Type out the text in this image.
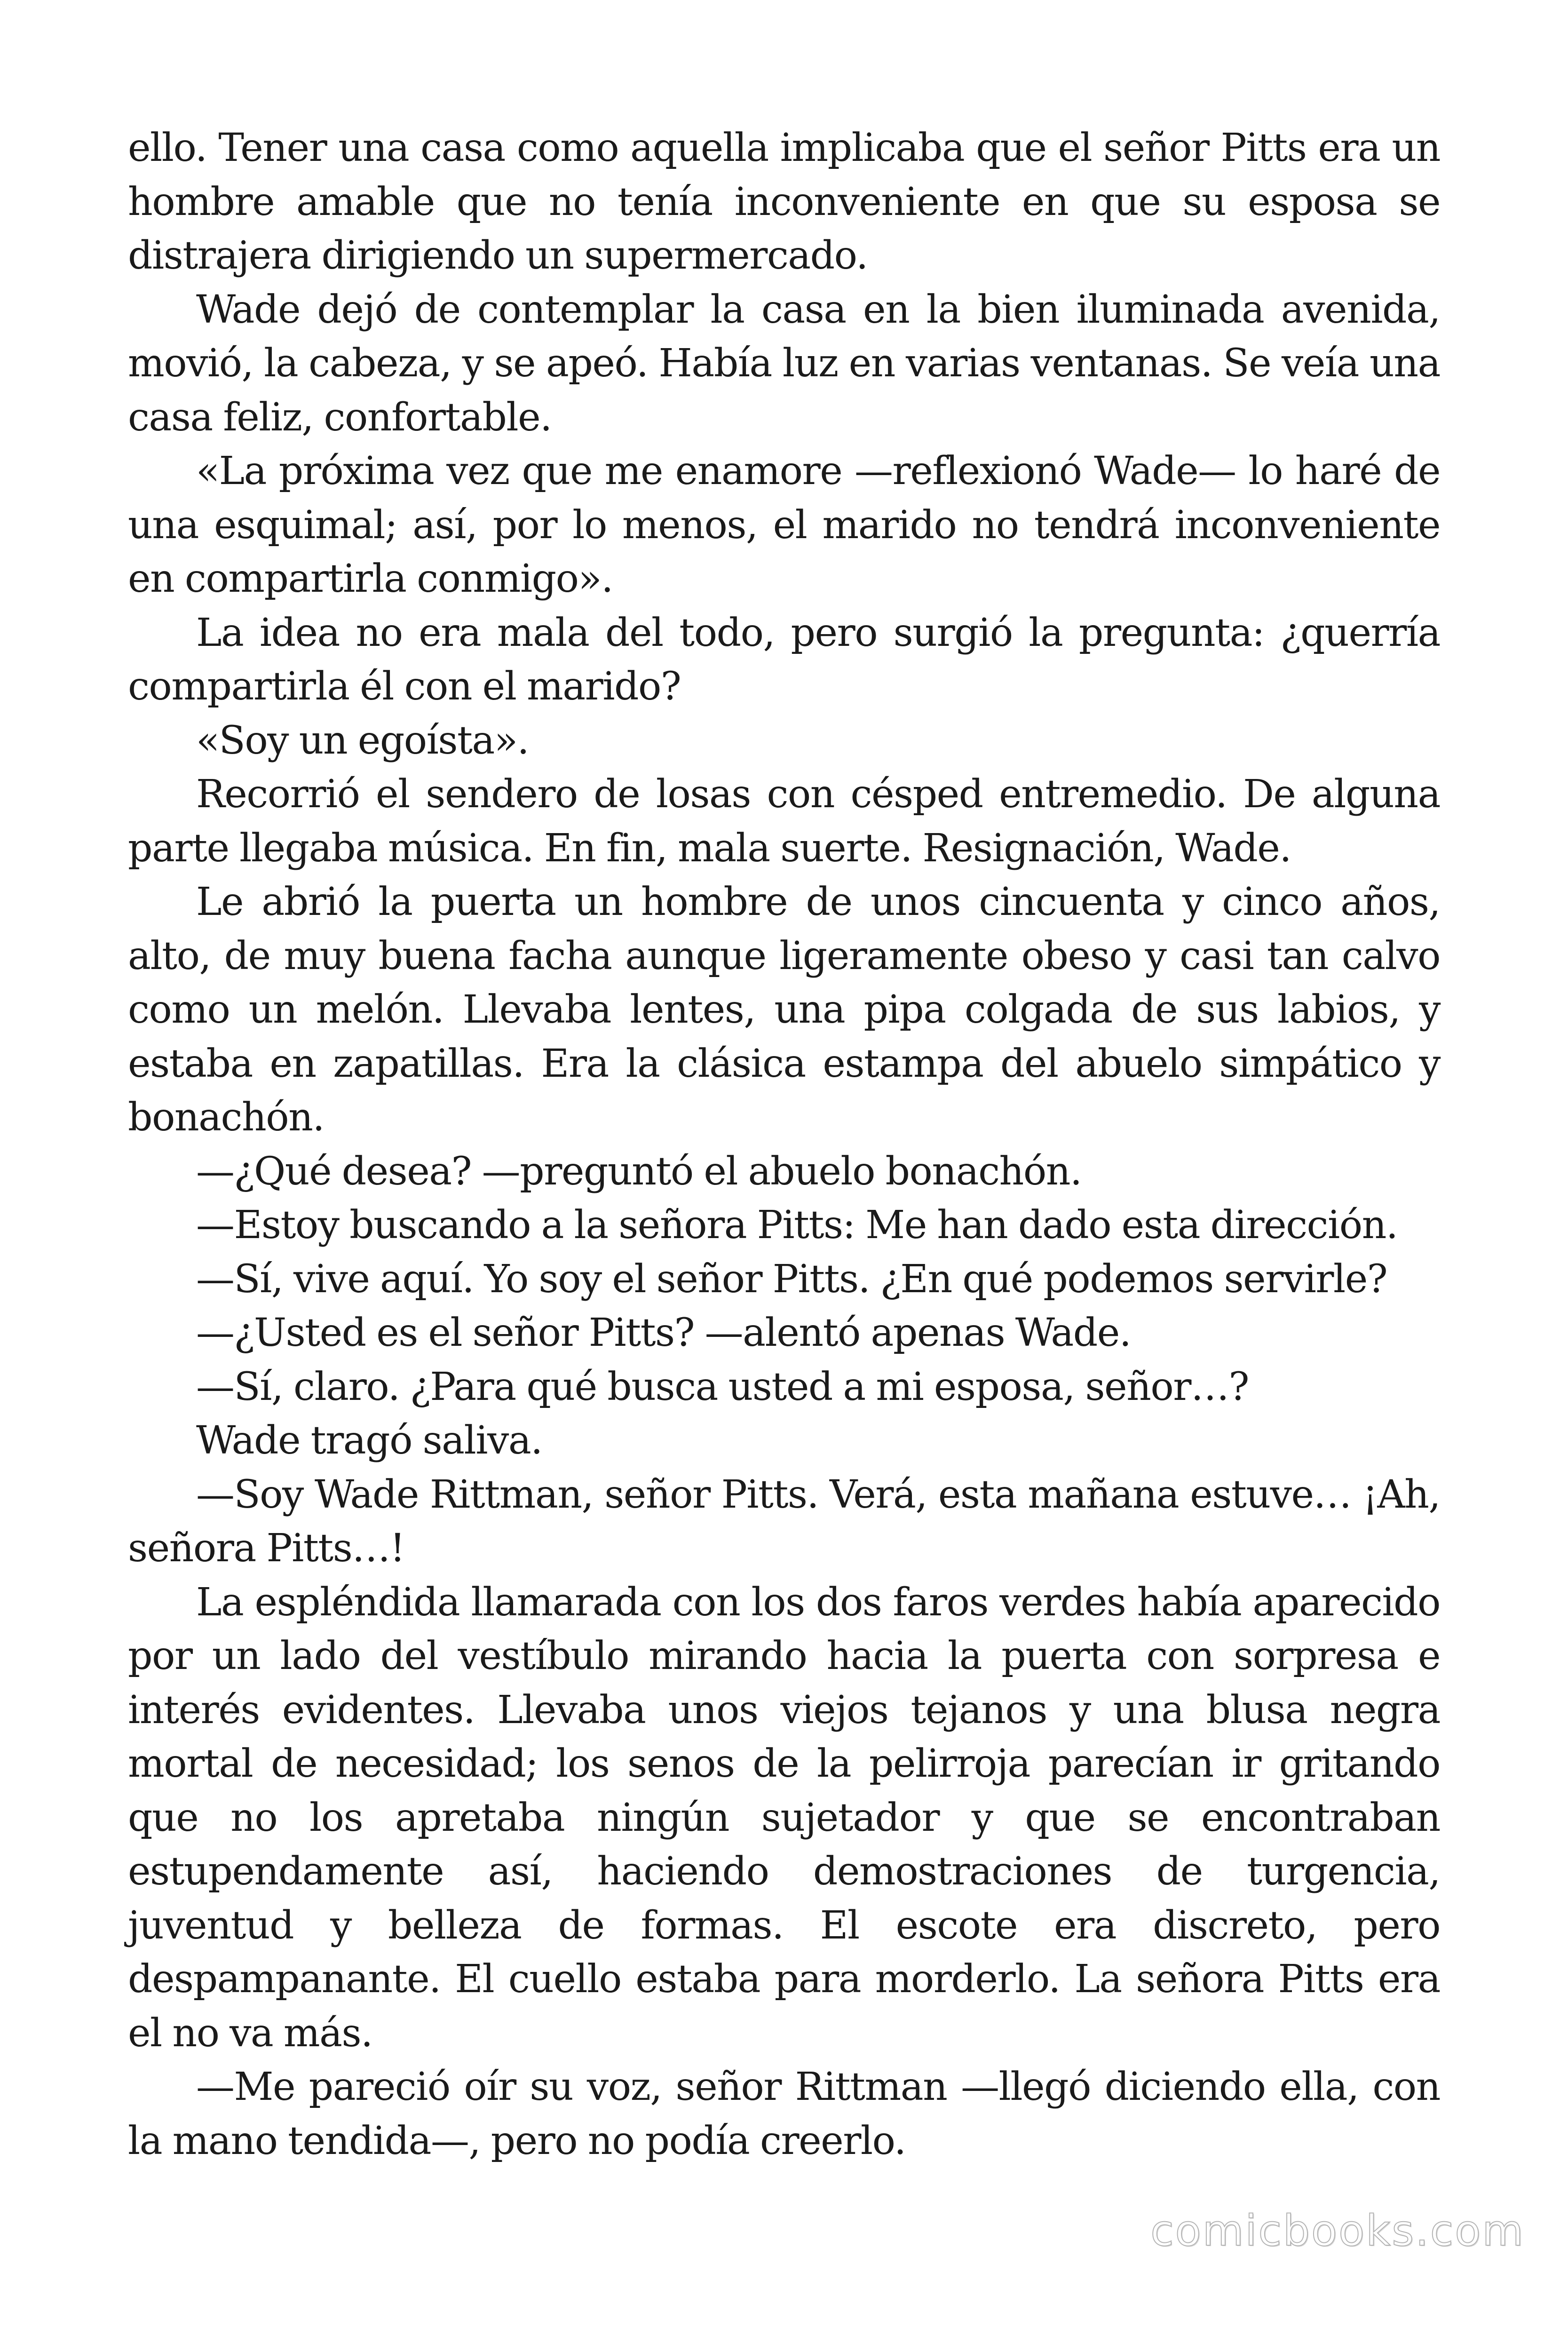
ello. Tener una casa como aquella implicaba que el señor Pitts era un hombre amable que no tenía inconveniente en que su esposa se distrajera dirigiendo un supermercado.

Wade dejó de contemplar la casa en la bien iluminada avenida, movió, la cabeza, y se apeó. Había luz en varias ventanas. Se veía una casa feliz, confortable.

«La próxima vez que me enamore —reflexionó Wade— lo haré de una esquimal; así, por lo menos, el marido no tendrá inconveniente en compartirla conmigo».

La idea no era mala del todo, pero surgió la pregunta: ¿querría compartirla él con el marido?

«Soy un egoísta».

Recorrió el sendero de losas con césped entremedio. De alguna parte llegaba música. En fin, mala suerte. Resignación, Wade.

Le abrió la puerta un hombre de unos cincuenta y cinco años, alto, de muy buena facha aunque ligeramente obeso y casi tan calvo como un melón. Llevaba lentes, una pipa colgada de sus labios, y estaba en zapatillas. Era la clásica estampa del abuelo simpático y bonachón.

—¿Qué desea? —preguntó el abuelo bonachón.

—Estoy buscando a la señora Pitts: Me han dado esta dirección.

—Sí, vive aquí. Yo soy el señor Pitts. ¿En qué podemos servirle?

—¿Usted es el señor Pitts? —alentó apenas Wade.

—Sí, claro. ¿Para qué busca usted a mi esposa, señor…?

Wade tragó saliva.

—Soy Wade Rittman, señor Pitts. Verá, esta mañana estuve… ¡Ah, señora Pitts…!

La espléndida llamarada con los dos faros verdes había aparecido por un lado del vestíbulo mirando hacia la puerta con sorpresa e interés evidentes. Llevaba unos viejos tejanos y una blusa negra mortal de necesidad; los senos de la pelirroja parecían ir gritando que no los apretaba ningún sujetador y que se encontraban estupendamente así, haciendo demostraciones de turgencia, juventud y belleza de formas. El escote era discreto, pero despampanante. El cuello estaba para morderlo. La señora Pitts era el no va más.

—Me pareció oír su voz, señor Rittman —llegó diciendo ella, con la mano tendida—, pero no podía creerlo.

comicbooks.com
